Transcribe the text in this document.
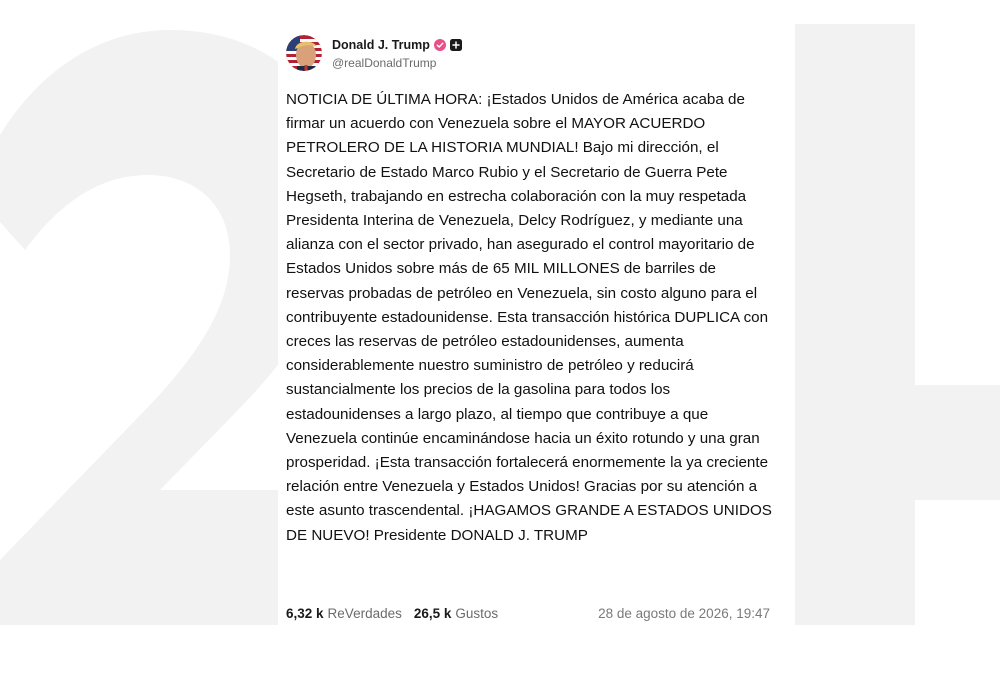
Donald J. Trump
@realDonaldTrump
NOTICIA DE ÚLTIMA HORA: ¡Estados Unidos de América acaba de firmar un acuerdo con Venezuela sobre el MAYOR ACUERDO PETROLERO DE LA HISTORIA MUNDIAL! Bajo mi dirección, el Secretario de Estado Marco Rubio y el Secretario de Guerra Pete Hegseth, trabajando en estrecha colaboración con la muy respetada Presidenta Interina de Venezuela, Delcy Rodríguez, y mediante una alianza con el sector privado, han asegurado el control mayoritario de Estados Unidos sobre más de 65 MIL MILLONES de barriles de reservas probadas de petróleo en Venezuela, sin costo alguno para el contribuyente estadounidense. Esta transacción histórica DUPLICA con creces las reservas de petróleo estadounidenses, aumenta considerablemente nuestro suministro de petróleo y reducirá sustancialmente los precios de la gasolina para todos los estadounidenses a largo plazo, al tiempo que contribuye a que Venezuela continúe encaminándose hacia un éxito rotundo y una gran prosperidad. ¡Esta transacción fortalecerá enormemente la ya creciente relación entre Venezuela y Estados Unidos! Gracias por su atención a este asunto trascendental. ¡HAGAMOS GRANDE A ESTADOS UNIDOS DE NUEVO! Presidente DONALD J. TRUMP
6,32 k ReVerdades 26,5 k Gustos	28 de agosto de 2026, 19:47
